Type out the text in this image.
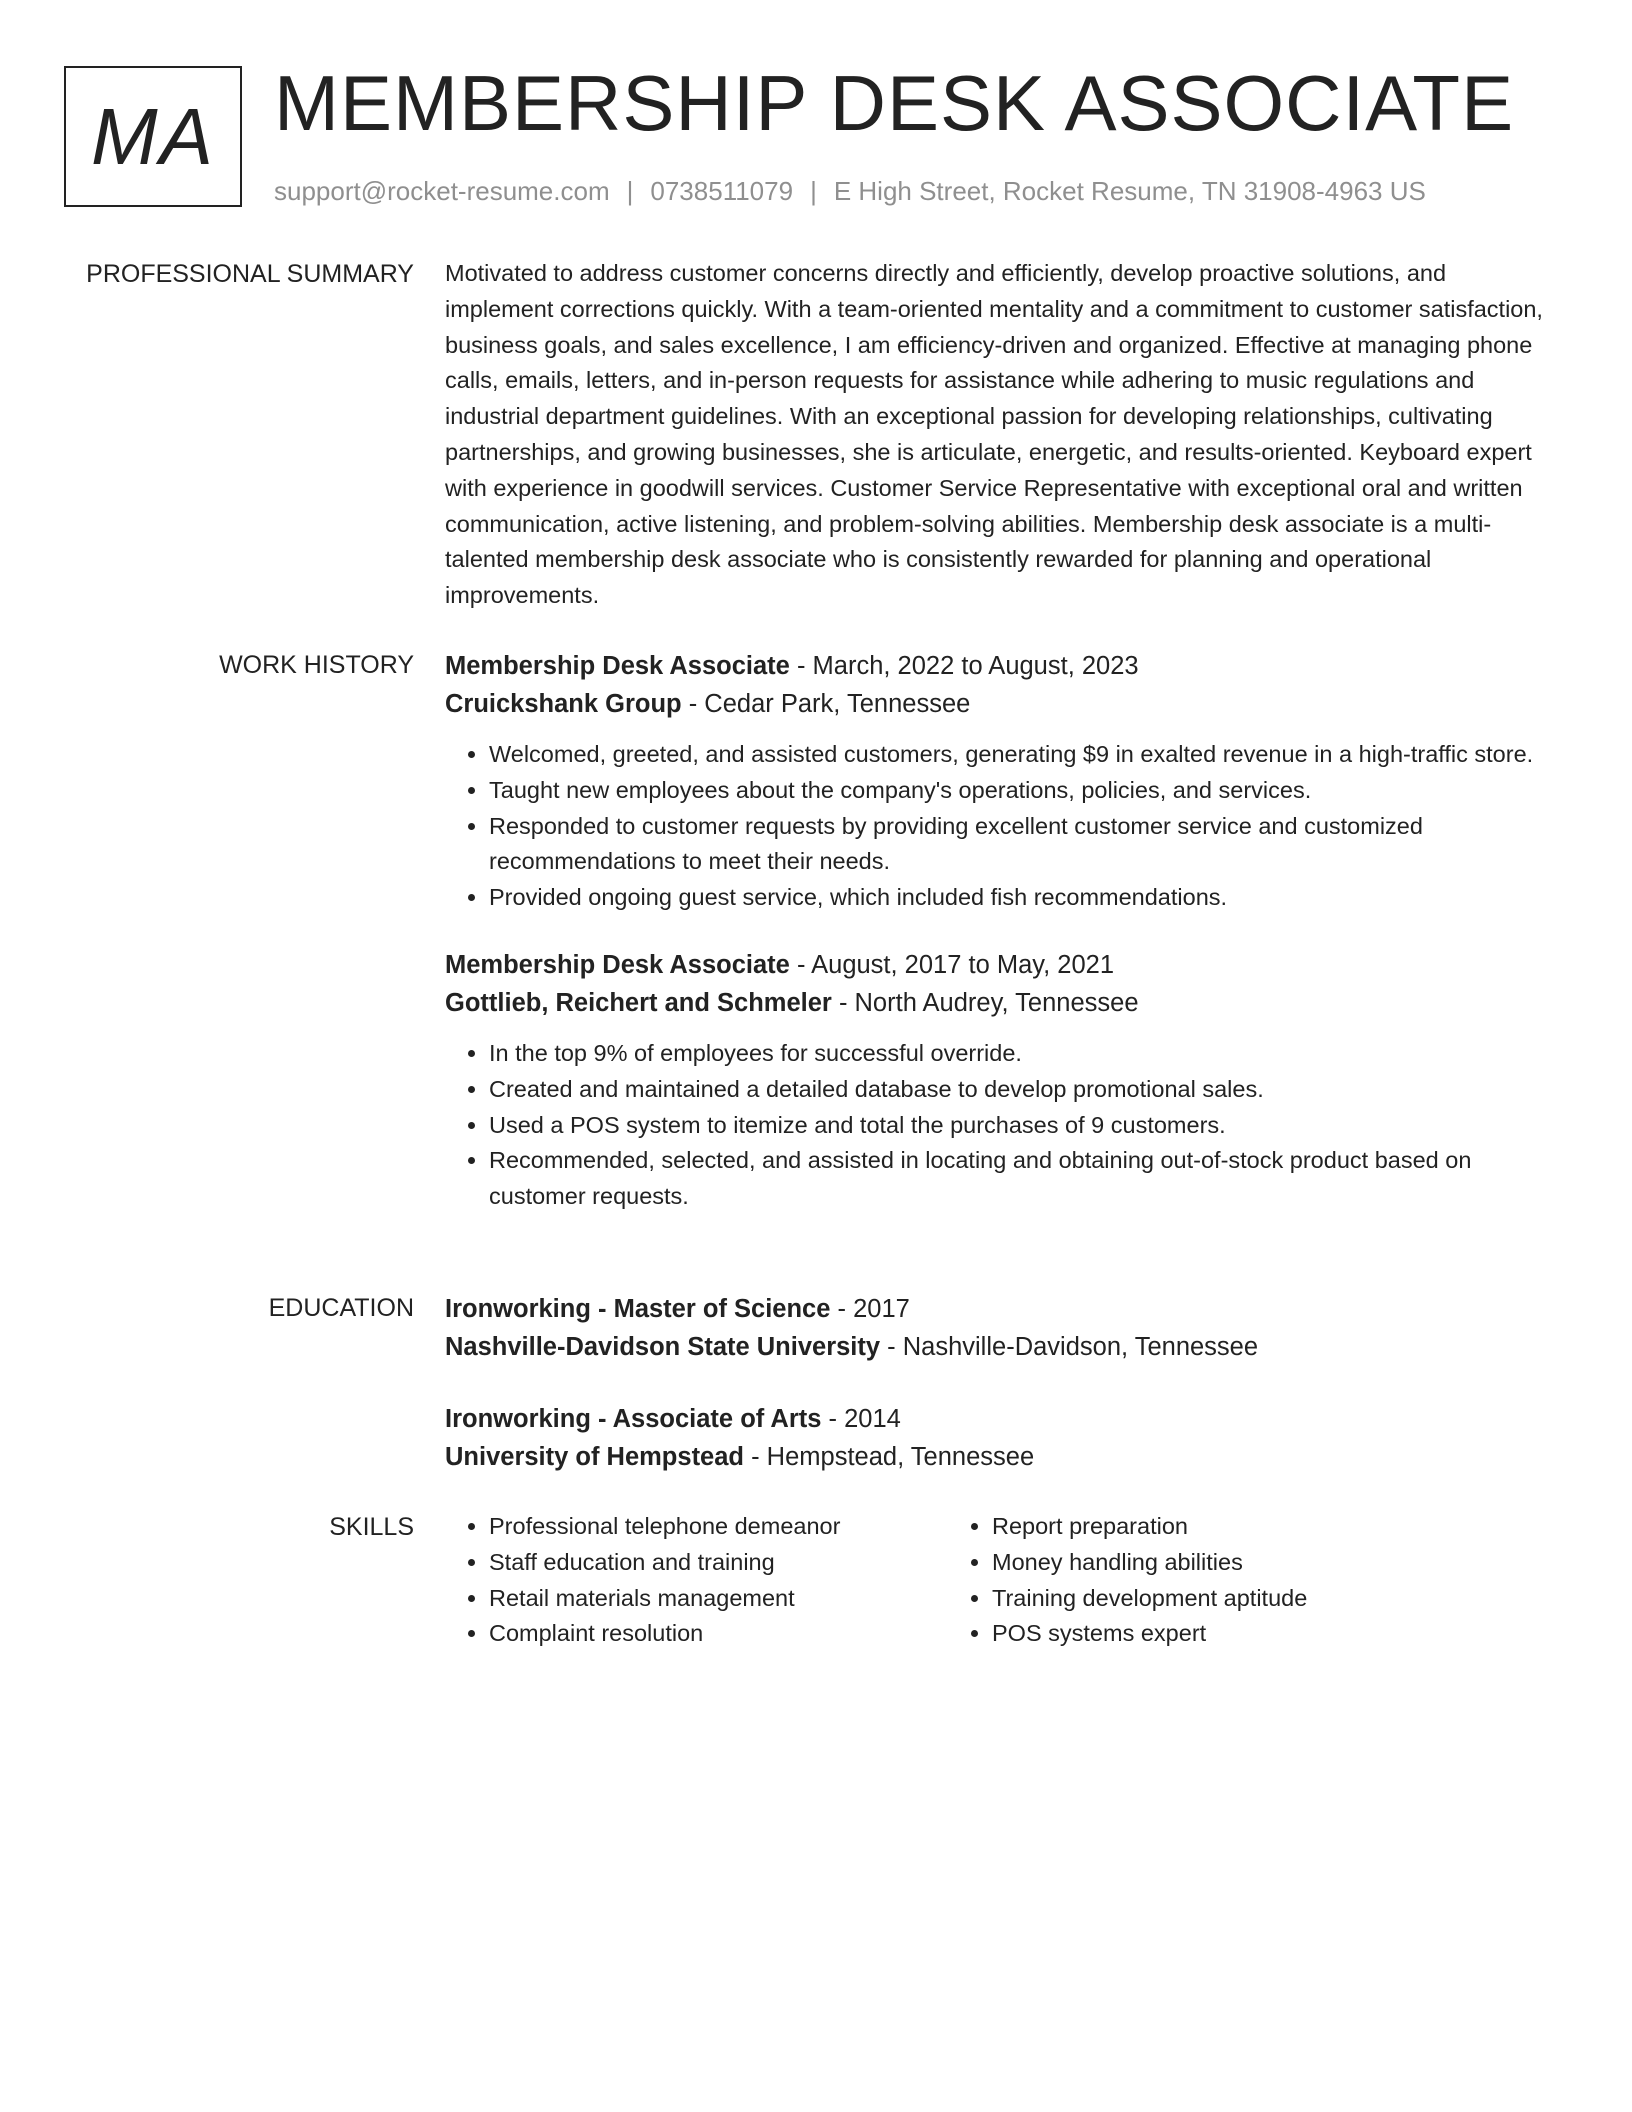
MA MEMBERSHIP DESK ASSOCIATE
support@rocket-resume.com | 0738511079 | E High Street, Rocket Resume, TN 31908-4963 US
PROFESSIONAL SUMMARY Motivated to address customer concerns directly and efficiently, develop proactive solutions, and implement corrections quickly. With a team-oriented mentality and a commitment to customer satisfaction, business goals, and sales excellence, I am efficiency-driven and organized. Effective at managing phone calls, emails, letters, and in-person requests for assistance while adhering to music regulations and industrial department guidelines. With an exceptional passion for developing relationships, cultivating partnerships, and growing businesses, she is articulate, energetic, and results-oriented. Keyboard expert with experience in goodwill services. Customer Service Representative with exceptional oral and written communication, active listening, and problem-solving abilities. Membership desk associate is a multi-talented membership desk associate who is consistently rewarded for planning and operational improvements.

WORK HISTORY Membership Desk Associate - March, 2022 to August, 2023
Cruickshank Group - Cedar Park, Tennessee
• Welcomed, greeted, and assisted customers, generating $9 in exalted revenue in a high-traffic store.
• Taught new employees about the company's operations, policies, and services.
• Responded to customer requests by providing excellent customer service and customized recommendations to meet their needs.
• Provided ongoing guest service, which included fish recommendations.
Membership Desk Associate - August, 2017 to May, 2021
Gottlieb, Reichert and Schmeler - North Audrey, Tennessee
• In the top 9% of employees for successful override.
• Created and maintained a detailed database to develop promotional sales.
• Used a POS system to itemize and total the purchases of 9 customers.
• Recommended, selected, and assisted in locating and obtaining out-of-stock product based on customer requests.
EDUCATION Ironworking - Master of Science - 2017
Nashville-Davidson State University - Nashville-Davidson, Tennessee
Ironworking - Associate of Arts - 2014
University of Hempstead - Hempstead, Tennessee
SKILLS
•	Professional telephone demeanor
• Staff education and training
• Retail materials management
• Complaint resolution
• Report preparation
• Money handling abilities
• Training development aptitude
• POS systems expert
